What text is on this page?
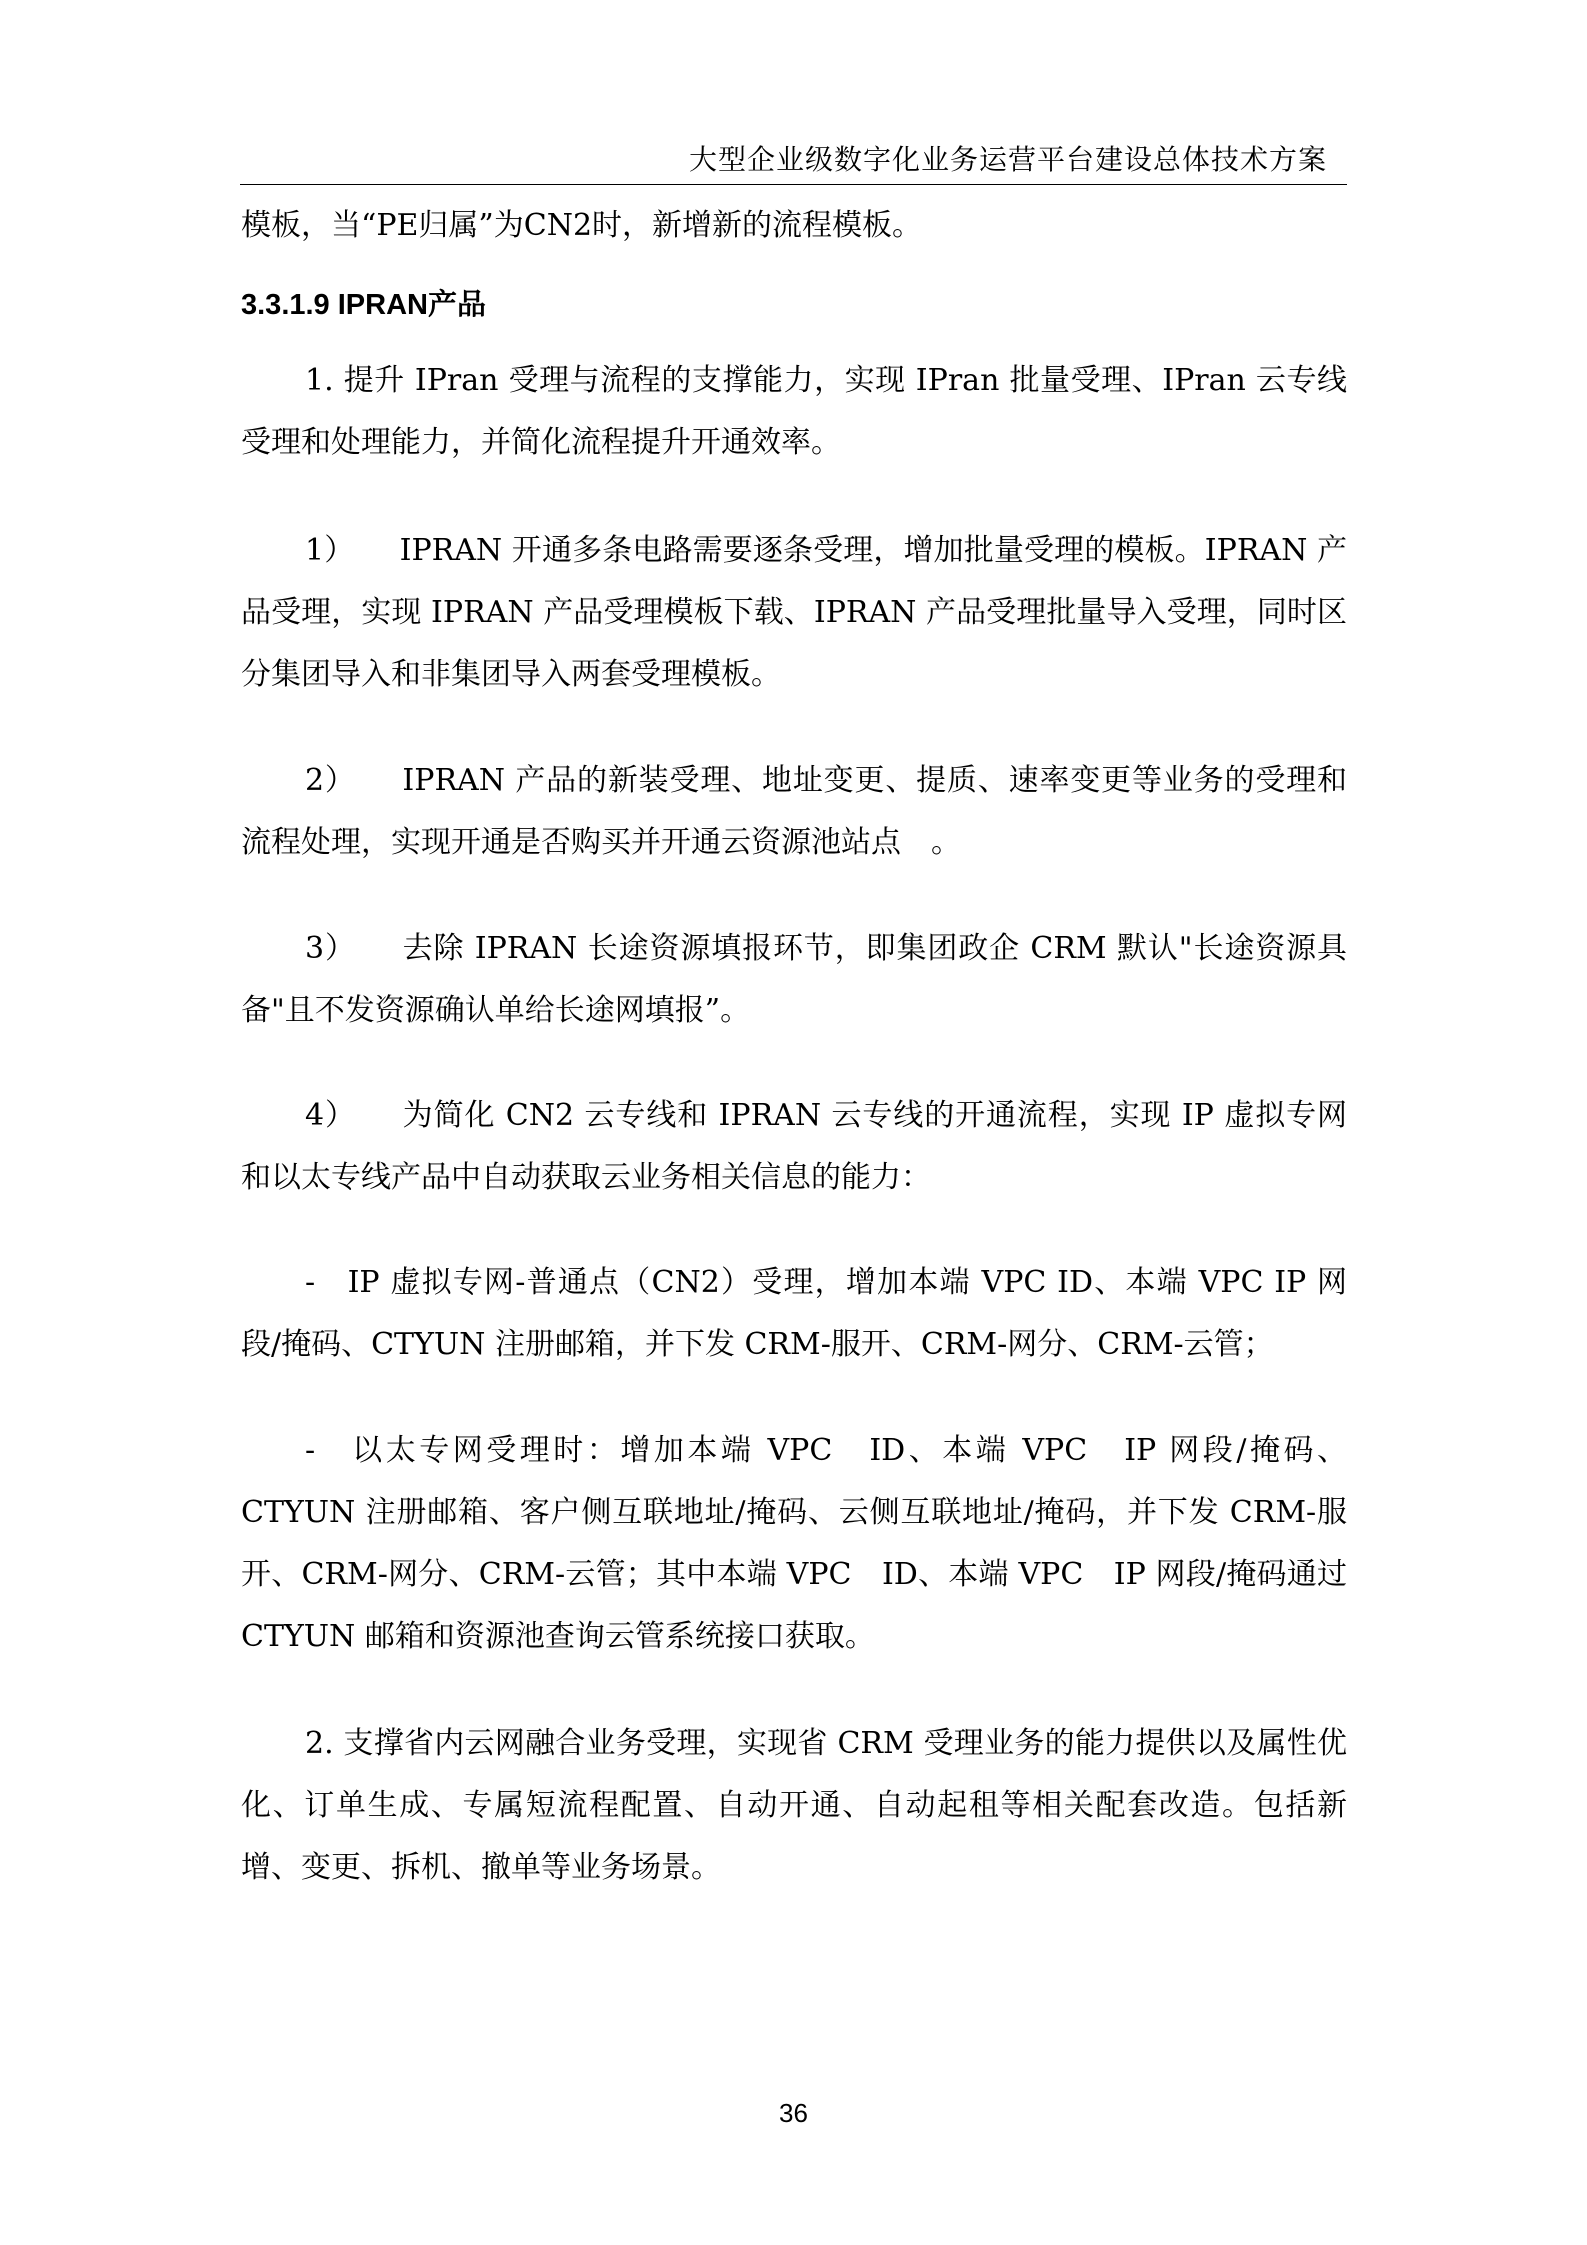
大型企业级数字化业务运营平台建设总体技术方案
模板，当“PE归属”为CN2时，新增新的流程模板。
3.3.1.9 IPRAN产品
1. 提升 IPran 受理与流程的支撑能力，实现 IPran 批量受理、IPran 云专线受理和处理能力，并简化流程提升开通效率。
1）　　IPRAN 开通多条电路需要逐条受理，增加批量受理的模板。IPRAN 产品受理，实现 IPRAN 产品受理模板下载、IPRAN 产品受理批量导入受理，同时区分集团导入和非集团导入两套受理模板。
2）　　IPRAN 产品的新装受理、地址变更、提质、速率变更等业务的受理和流程处理，实现开通是否购买并开通云资源池站点　。
3）　　去除 IPRAN 长途资源填报环节，即集团政企 CRM 默认"长途资源具备"且不发资源确认单给长途网填报”。
4）　　为简化 CN2 云专线和 IPRAN 云专线的开通流程，实现 IP 虚拟专网和以太专线产品中自动获取云业务相关信息的能力：
-　IP 虚拟专网-普通点（CN2）受理，增加本端 VPC ID、本端 VPC IP 网段/掩码、CTYUN 注册邮箱，并下发 CRM-服开、CRM-网分、CRM-云管；
-　以太专网受理时：增加本端 VPC　ID、本端 VPC　IP 网段/掩码、CTYUN 注册邮箱、客户侧互联地址/掩码、云侧互联地址/掩码，并下发 CRM-服开、CRM-网分、CRM-云管；其中本端 VPC　ID、本端 VPC　IP 网段/掩码通过 CTYUN 邮箱和资源池查询云管系统接口获取。
2. 支撑省内云网融合业务受理，实现省 CRM 受理业务的能力提供以及属性优化、订单生成、专属短流程配置、自动开通、自动起租等相关配套改造。包括新增、变更、拆机、撤单等业务场景。
36
